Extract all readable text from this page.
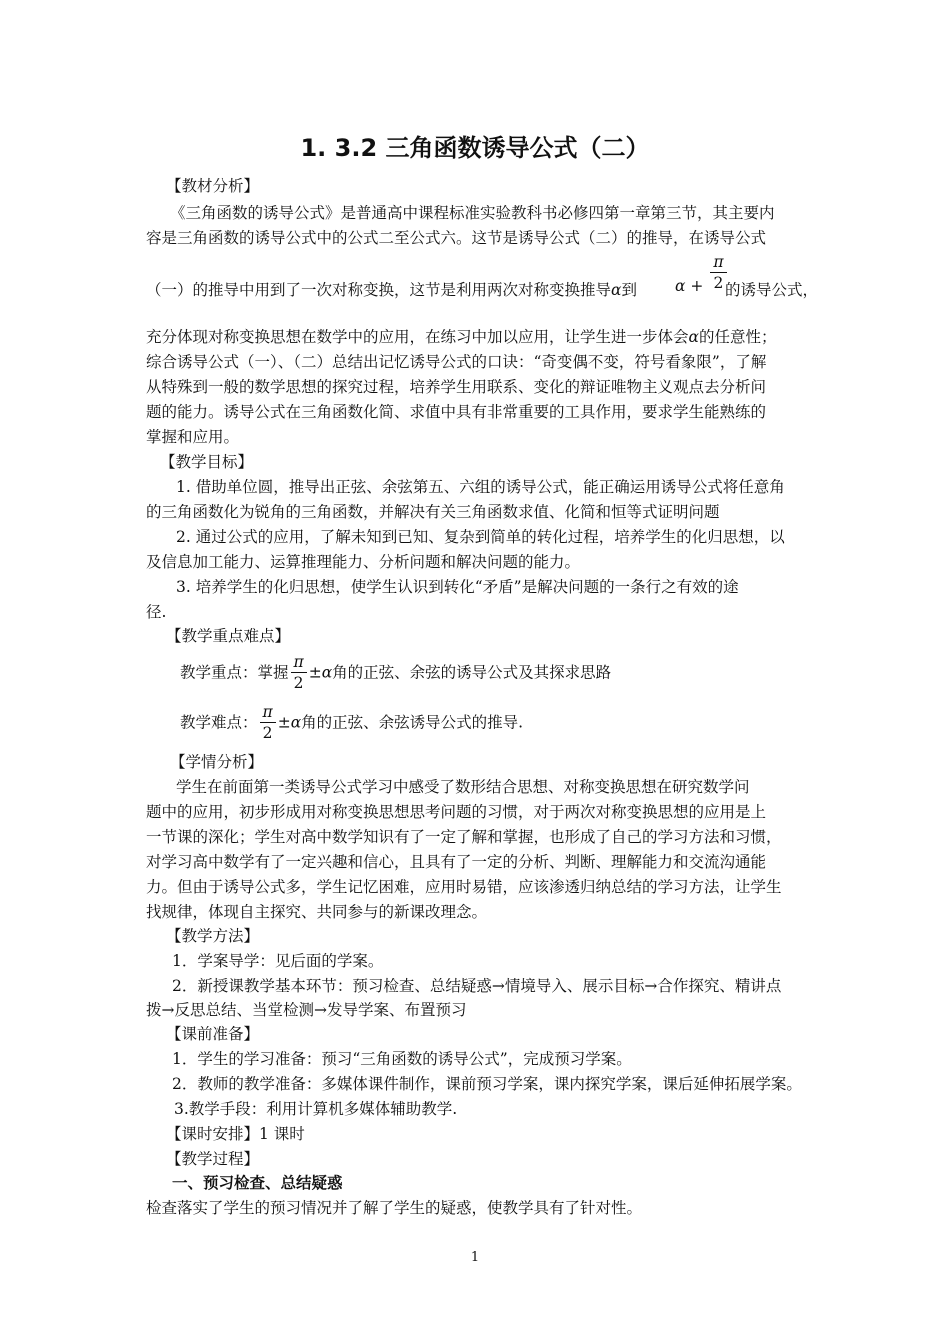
1. 3.2 三角函数诱导公式（二）
【教材分析】
《三角函数的诱导公式》是普通高中课程标准实验教科书必修四第一章第三节，其主要内
容是三角函数的诱导公式中的公式二至公式六。这节是诱导公式（二）的推导，在诱导公式
（一）的推导中用到了一次对称变换，这节是利用两次对称变换推导α到 $\alpha + \frac{\pi}{2}$
的诱导公式，
充分体现对称变换思想在数学中的应用，在练习中加以应用，让学生进一步体会α的任意性；
综合诱导公式（一）、（二）总结出记忆诱导公式的口诀：“奇变偶不变，符号看象限”，了解
从特殊到一般的数学思想的探究过程，培养学生用联系、变化的辩证唯物主义观点去分析问
题的能力。诱导公式在三角函数化简、求值中具有非常重要的工具作用，要求学生能熟练的
掌握和应用。
【教学目标】
1. 借助单位圆，推导出正弦、余弦第五、六组的诱导公式，能正确运用诱导公式将任意角
的三角函数化为锐角的三角函数，并解决有关三角函数求值、化简和恒等式证明问题
2. 通过公式的应用，了解未知到已知、复杂到简单的转化过程，培养学生的化归思想，以
及信息加工能力、运算推理能力、分析问题和解决问题的能力。
3. 培养学生的化归思想，使学生认识到转化“矛盾”是解决问题的一条行之有效的途
径.
【教学重点难点】
教学重点：掌握 $\frac{\pi}{2} \pm\alpha$角的正弦、余弦的诱导公式及其探求思路
教学难点： $\frac{\pi}{2} \pm\alpha$角的正弦、余弦诱导公式的推导.
【学情分析】
学生在前面第一类诱导公式学习中感受了数形结合思想、对称变换思想在研究数学问
题中的应用，初步形成用对称变换思想思考问题的习惯，对于两次对称变换思想的应用是上
一节课的深化；学生对高中数学知识有了一定了解和掌握，也形成了自己的学习方法和习惯，
对学习高中数学有了一定兴趣和信心，且具有了一定的分析、判断、理解能力和交流沟通能
力。但由于诱导公式多，学生记忆困难，应用时易错，应该渗透归纳总结的学习方法，让学生
找规律，体现自主探究、共同参与的新课改理念。
【教学方法】
1．学案导学：见后面的学案。
2．新授课教学基本环节：预习检查、总结疑惑→情境导入、展示目标→合作探究、精讲点
拨→反思总结、当堂检测→发导学案、布置预习
【课前准备】
1．学生的学习准备：预习“三角函数的诱导公式”，完成预习学案。
2．教师的教学准备：多媒体课件制作，课前预习学案，课内探究学案，课后延伸拓展学案。
3.教学手段：利用计算机多媒体辅助教学.
【课时安排】1 课时
【教学过程】
一、预习检查、总结疑惑
检查落实了学生的预习情况并了解了学生的疑惑，使教学具有了针对性。
1
